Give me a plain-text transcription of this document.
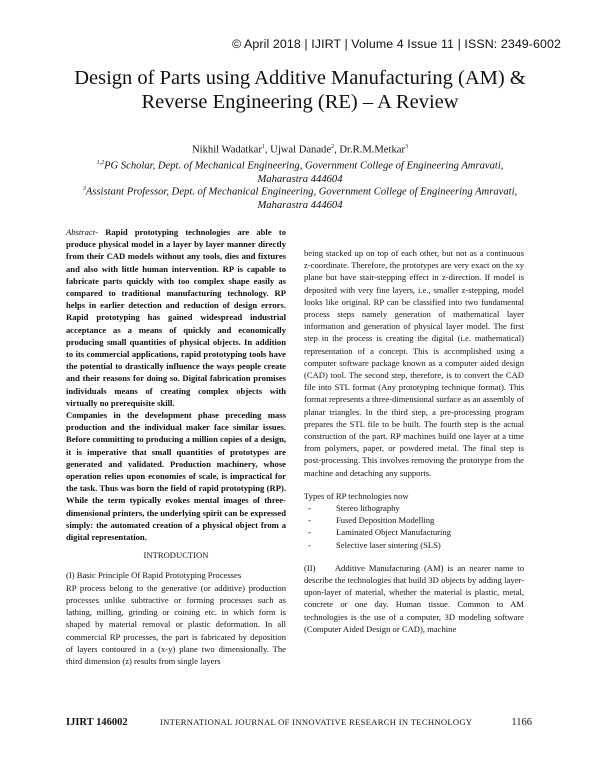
© April 2018 | IJIRT | Volume 4 Issue 11 | ISSN: 2349-6002
Design of Parts using Additive Manufacturing (AM) &
Reverse Engineering (RE) – A Review
Nikhil Wadatkar$^1$, Ujwal Danade$^2$, Dr.R.M.Metkar$^3$
$^{1,2}$PG Scholar, Dept. of Mechanical Engineering, Government College of Engineering Amravati,
Maharastra 444604
$^3$Assistant Professor, Dept. of Mechanical Engineering, Government College of Engineering Amravati,
Maharastra 444604

Abstract- Rapid prototyping technologies are able to produce physical model in a layer by layer manner directly from their CAD models without any tools, dies and fixtures and also with little human intervention. RP is capable to fabricate parts quickly with too complex shape easily as compared to traditional manufacturing technology. RP helps in earlier detection and reduction of design errors. Rapid prototyping has gained widespread industrial acceptance as a means of quickly and economically producing small quantities of physical objects. In addition to its commercial applications, rapid prototyping tools have the potential to drastically influence the ways people create and their reasons for doing so. Digital fabrication promises individuals means of creating complex objects with virtually no prerequisite skill.

Companies in the development phase preceding mass production and the individual maker face similar issues. Before committing to producing a million copies of a design, it is imperative that small quantities of prototypes are generated and validated. Production machinery, whose operation relies upon economies of scale, is impractical for the task. Thus was born the field of rapid prototyping (RP). While the term typically evokes mental images of three-dimensional printers, the underlying spirit can be expressed simply: the automated creation of a physical object from a digital representation.

INTRODUCTION

(I) Basic Principle Of Rapid Prototyping Processes

RP process belong to the generative (or additive) production processes unlike subtractive or forming processes such as lathing, milling, grinding or coining etc. in which form is shaped by material removal or plastic deformation. In all commercial RP processes, the part is fabricated by deposition of layers contoured in a (x-y) plane two dimensionally. The third dimension (z) results from single layers

being stacked up on top of each other, but not as a continuous z-coordinate. Therefore, the prototypes are very exact on the xy plane but have stair-stepping effect in z-direction. If model is deposited with very fine layers, i.e., smaller z-stepping, model looks like original. RP can be classified into two fundamental process steps namely generation of mathematical layer information and generation of physical layer model. The first step in the process is creating the digital (i.e. mathematical) representation of a concept. This is accomplished using a computer software package known as a computer aided design (CAD) tool. The second step, therefore, is to convert the CAD file into STL format (Any prototyping technique format). This format represents a three-dimensional surface as an assembly of planar triangles. In the third step, a pre-processing program prepares the STL file to be built. The fourth step is the actual construction of the part. RP machines build one layer at a time from polymers, paper, or powdered metal. The final step is post-processing. This involves removing the prototype from the machine and detaching any supports.

Types of RP technologies now
- Stereo lithography
- Fused Deposition Modelling
- Laminated Object Manufacturing
- Selective laser sintering (SLS)

(II)     Additive Manufacturing (AM) is an nearer name to describe the technologies that build 3D objects by adding layer-upon-layer of material, whether the material is plastic, metal, concrete or one day. Human tissue. Common to AM technologies is the use of a computer, 3D modeling software (Computer Aided Design or CAD), machine

IJIRT 146002	INTERNATIONAL JOURNAL OF INNOVATIVE RESEARCH IN TECHNOLOGY	1166
